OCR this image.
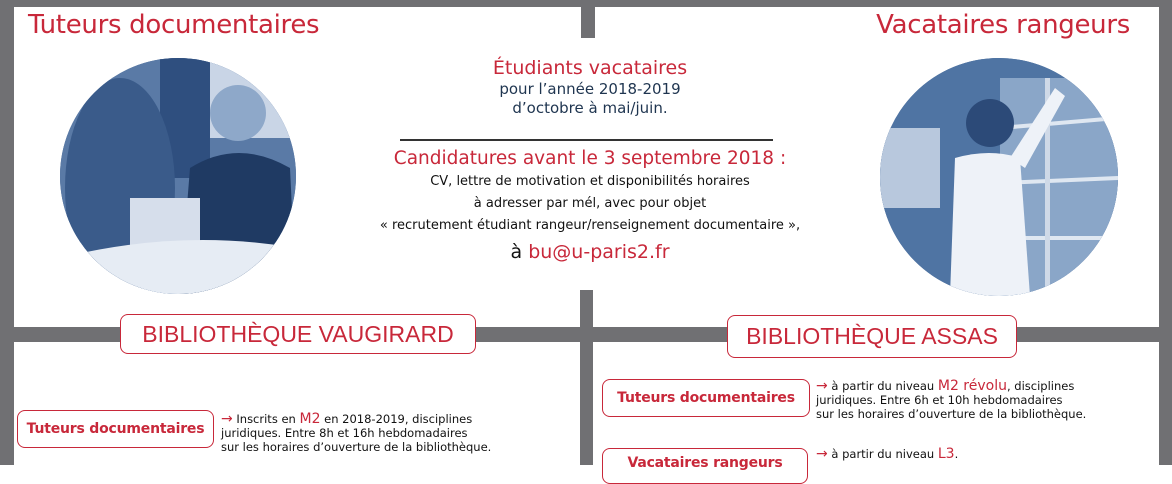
Tuteurs documentaires	Vacataires rangeurs
Étudiants vacataires
pour l’année 2018-2019
d’octobre à mai/juin.
Candidatures avant le 3 septembre 2018 :
CV, lettre de motivation et disponibilités horaires
à adresser par mél, avec pour objet
« recrutement étudiant rangeur/renseignement documentaire »,
à bu@u-paris2.fr
BIBLIOTHÈQUE VAUGIRARD	BIBLIOTHÈQUE ASSAS
Tuteurs documentaires
→ Inscrits en M2 en 2018-2019, disciplines
juridiques. Entre 8h et 16h hebdomadaires
sur les horaires d’ouverture de la bibliothèque.
Tuteurs documentaires
→ à partir du niveau M2 révolu, disciplines
juridiques. Entre 6h et 10h hebdomadaires
sur les horaires d’ouverture de la bibliothèque.
Vacataires rangeurs
→ à partir du niveau L3.
